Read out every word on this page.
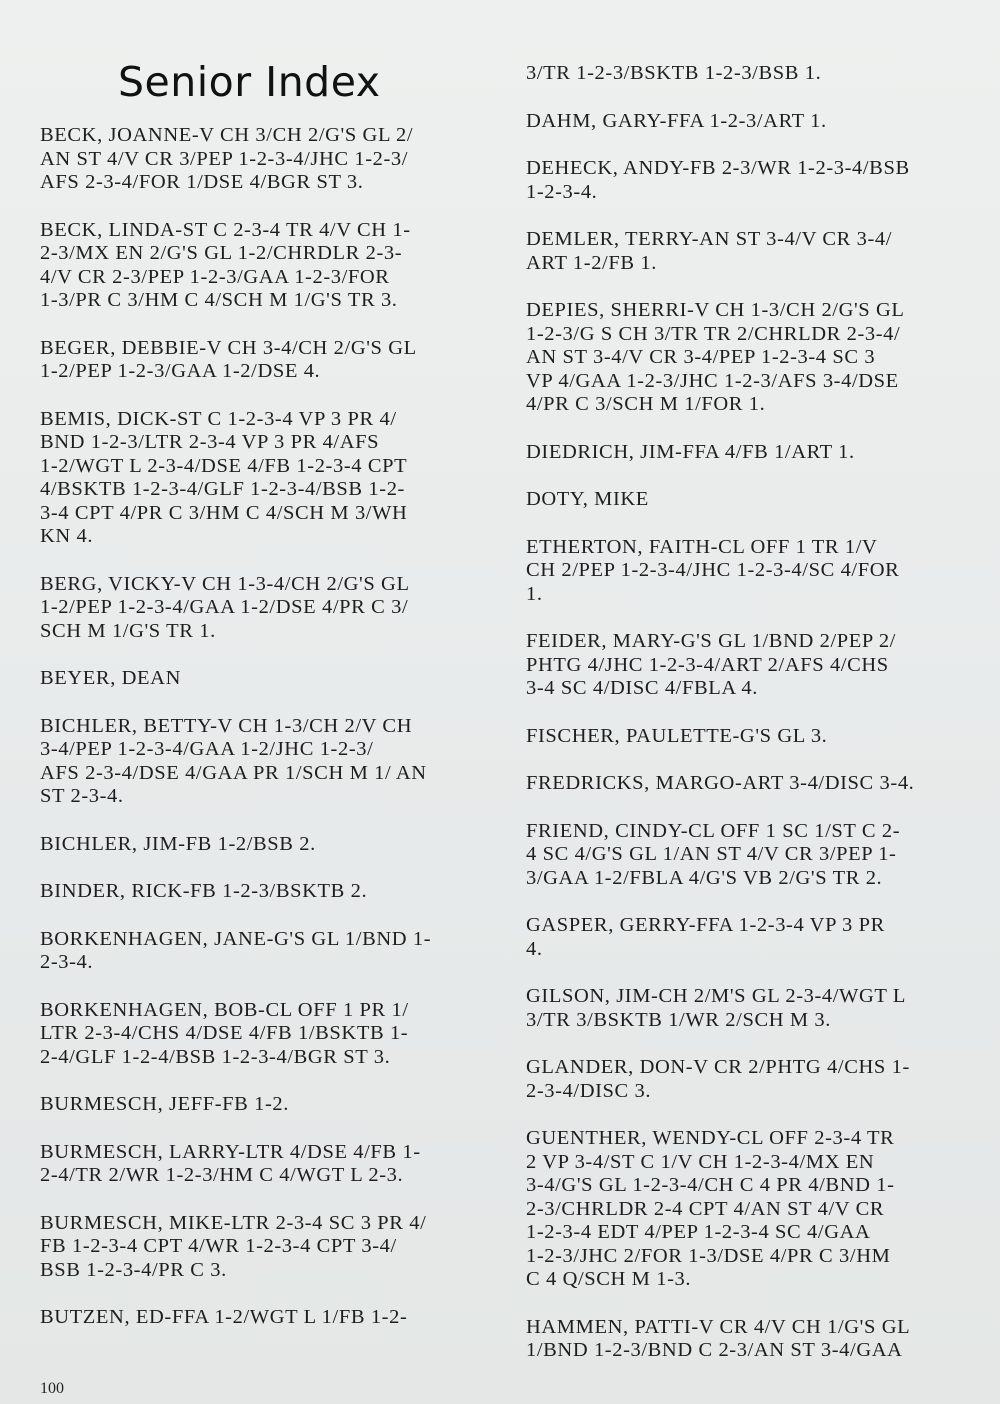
Senior Index
BECK, JOANNE-V CH 3/CH 2/G'S GL 2/
AN ST 4/V CR 3/PEP 1-2-3-4/JHC 1-2-3/
AFS 2-3-4/FOR 1/DSE 4/BGR ST 3.
BECK, LINDA-ST C 2-3-4 TR 4/V CH 1-
2-3/MX EN 2/G'S GL 1-2/CHRDLR 2-3-
4/V CR 2-3/PEP 1-2-3/GAA 1-2-3/FOR
1-3/PR C 3/HM C 4/SCH M 1/G'S TR 3.
BEGER, DEBBIE-V CH 3-4/CH 2/G'S GL
1-2/PEP 1-2-3/GAA 1-2/DSE 4.
BEMIS, DICK-ST C 1-2-3-4 VP 3 PR 4/
BND 1-2-3/LTR 2-3-4 VP 3 PR 4/AFS
1-2/WGT L 2-3-4/DSE 4/FB 1-2-3-4 CPT
4/BSKTB 1-2-3-4/GLF 1-2-3-4/BSB 1-2-
3-4 CPT 4/PR C 3/HM C 4/SCH M 3/WH
KN 4.
BERG, VICKY-V CH 1-3-4/CH 2/G'S GL
1-2/PEP 1-2-3-4/GAA 1-2/DSE 4/PR C 3/
SCH M 1/G'S TR 1.
BEYER, DEAN
BICHLER, BETTY-V CH 1-3/CH 2/V CH
3-4/PEP 1-2-3-4/GAA 1-2/JHC 1-2-3/
AFS 2-3-4/DSE 4/GAA PR 1/SCH M 1/ AN
ST 2-3-4.
BICHLER, JIM-FB 1-2/BSB 2.
BINDER, RICK-FB 1-2-3/BSKTB 2.
BORKENHAGEN, JANE-G'S GL 1/BND 1-
2-3-4.
BORKENHAGEN, BOB-CL OFF 1 PR 1/
LTR 2-3-4/CHS 4/DSE 4/FB 1/BSKTB 1-
2-4/GLF 1-2-4/BSB 1-2-3-4/BGR ST 3.
BURMESCH, JEFF-FB 1-2.
BURMESCH, LARRY-LTR 4/DSE 4/FB 1-
2-4/TR 2/WR 1-2-3/HM C 4/WGT L 2-3.
BURMESCH, MIKE-LTR 2-3-4 SC 3 PR 4/
FB 1-2-3-4 CPT 4/WR 1-2-3-4 CPT 3-4/
BSB 1-2-3-4/PR C 3.
BUTZEN, ED-FFA 1-2/WGT L 1/FB 1-2-
3/TR 1-2-3/BSKTB 1-2-3/BSB 1.
DAHM, GARY-FFA 1-2-3/ART 1.
DEHECK, ANDY-FB 2-3/WR 1-2-3-4/BSB
1-2-3-4.
DEMLER, TERRY-AN ST 3-4/V CR 3-4/
ART 1-2/FB 1.
DEPIES, SHERRI-V CH 1-3/CH 2/G'S GL
1-2-3/G S CH 3/TR TR 2/CHRLDR 2-3-4/
AN ST 3-4/V CR 3-4/PEP 1-2-3-4 SC 3
VP 4/GAA 1-2-3/JHC 1-2-3/AFS 3-4/DSE
4/PR C 3/SCH M 1/FOR 1.
DIEDRICH, JIM-FFA 4/FB 1/ART 1.
DOTY, MIKE
ETHERTON, FAITH-CL OFF 1 TR 1/V
CH 2/PEP 1-2-3-4/JHC 1-2-3-4/SC 4/FOR
1.
FEIDER, MARY-G'S GL 1/BND 2/PEP 2/
PHTG 4/JHC 1-2-3-4/ART 2/AFS 4/CHS
3-4 SC 4/DISC 4/FBLA 4.
FISCHER, PAULETTE-G'S GL 3.
FREDRICKS, MARGO-ART 3-4/DISC 3-4.
FRIEND, CINDY-CL OFF 1 SC 1/ST C 2-
4 SC 4/G'S GL 1/AN ST 4/V CR 3/PEP 1-
3/GAA 1-2/FBLA 4/G'S VB 2/G'S TR 2.
GASPER, GERRY-FFA 1-2-3-4 VP 3 PR
4.
GILSON, JIM-CH 2/M'S GL 2-3-4/WGT L
3/TR 3/BSKTB 1/WR 2/SCH M 3.
GLANDER, DON-V CR 2/PHTG 4/CHS 1-
2-3-4/DISC 3.
GUENTHER, WENDY-CL OFF 2-3-4 TR
2 VP 3-4/ST C 1/V CH 1-2-3-4/MX EN
3-4/G'S GL 1-2-3-4/CH C 4 PR 4/BND 1-
2-3/CHRLDR 2-4 CPT 4/AN ST 4/V CR
1-2-3-4 EDT 4/PEP 1-2-3-4 SC 4/GAA
1-2-3/JHC 2/FOR 1-3/DSE 4/PR C 3/HM
C 4 Q/SCH M 1-3.
HAMMEN, PATTI-V CR 4/V CH 1/G'S GL
1/BND 1-2-3/BND C 2-3/AN ST 3-4/GAA
100
